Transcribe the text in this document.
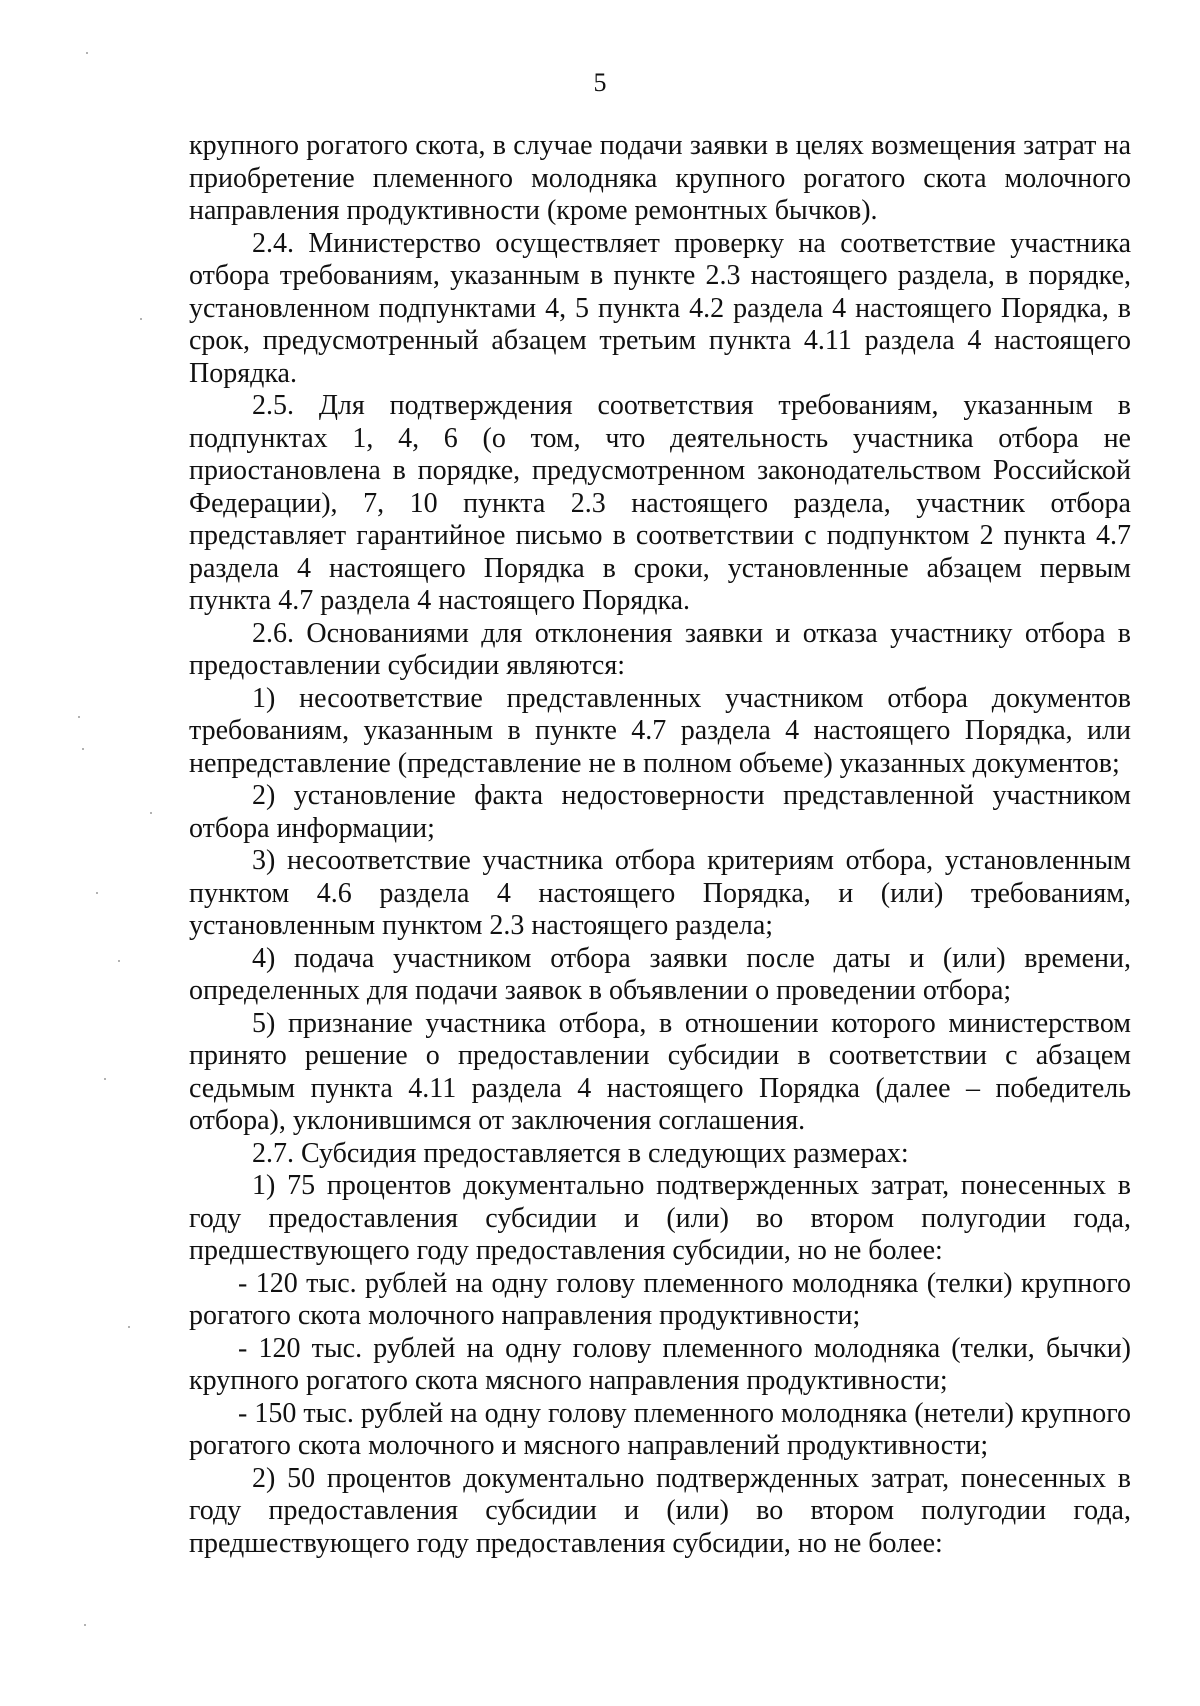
5

крупного рогатого скота, в случае подачи заявки в целях возмещения затрат на приобретение племенного молодняка крупного рогатого скота молочного направления продуктивности (кроме ремонтных бычков).

2.4. Министерство осуществляет проверку на соответствие участника отбора требованиям, указанным в пункте 2.3 настоящего раздела, в порядке, установленном подпунктами 4, 5 пункта 4.2 раздела 4 настоящего Порядка, в срок, предусмотренный абзацем третьим пункта 4.11 раздела 4 настоящего Порядка.

2.5. Для подтверждения соответствия требованиям, указанным в подпунктах 1, 4, 6 (о том, что деятельность участника отбора не приостановлена в порядке, предусмотренном законодательством Российской Федерации), 7, 10 пункта 2.3 настоящего раздела, участник отбора представляет гарантийное письмо в соответствии с подпунктом 2 пункта 4.7 раздела 4 настоящего Порядка в сроки, установленные абзацем первым пункта 4.7 раздела 4 настоящего Порядка.

2.6. Основаниями для отклонения заявки и отказа участнику отбора в предоставлении субсидии являются:

1) несоответствие представленных участником отбора документов требованиям, указанным в пункте 4.7 раздела 4 настоящего Порядка, или непредставление (представление не в полном объеме) указанных документов;

2) установление факта недостоверности представленной участником отбора информации;

3) несоответствие участника отбора критериям отбора, установленным пунктом 4.6 раздела 4 настоящего Порядка, и (или) требованиям, установленным пунктом 2.3 настоящего раздела;

4) подача участником отбора заявки после даты и (или) времени, определенных для подачи заявок в объявлении о проведении отбора;

5) признание участника отбора, в отношении которого министерством принято решение о предоставлении субсидии в соответствии с абзацем седьмым пункта 4.11 раздела 4 настоящего Порядка (далее – победитель отбора), уклонившимся от заключения соглашения.

2.7. Субсидия предоставляется в следующих размерах:

1) 75 процентов документально подтвержденных затрат, понесенных в году предоставления субсидии и (или) во втором полугодии года, предшествующего году предоставления субсидии, но не более:

- 120 тыс. рублей на одну голову племенного молодняка (телки) крупного рогатого скота молочного направления продуктивности;

- 120 тыс. рублей на одну голову племенного молодняка (телки, бычки) крупного рогатого скота мясного направления продуктивности;

- 150 тыс. рублей на одну голову племенного молодняка (нетели) крупного рогатого скота молочного и мясного направлений продуктивности;

2) 50 процентов документально подтвержденных затрат, понесенных в году предоставления субсидии и (или) во втором полугодии года, предшествующего году предоставления субсидии, но не более:
